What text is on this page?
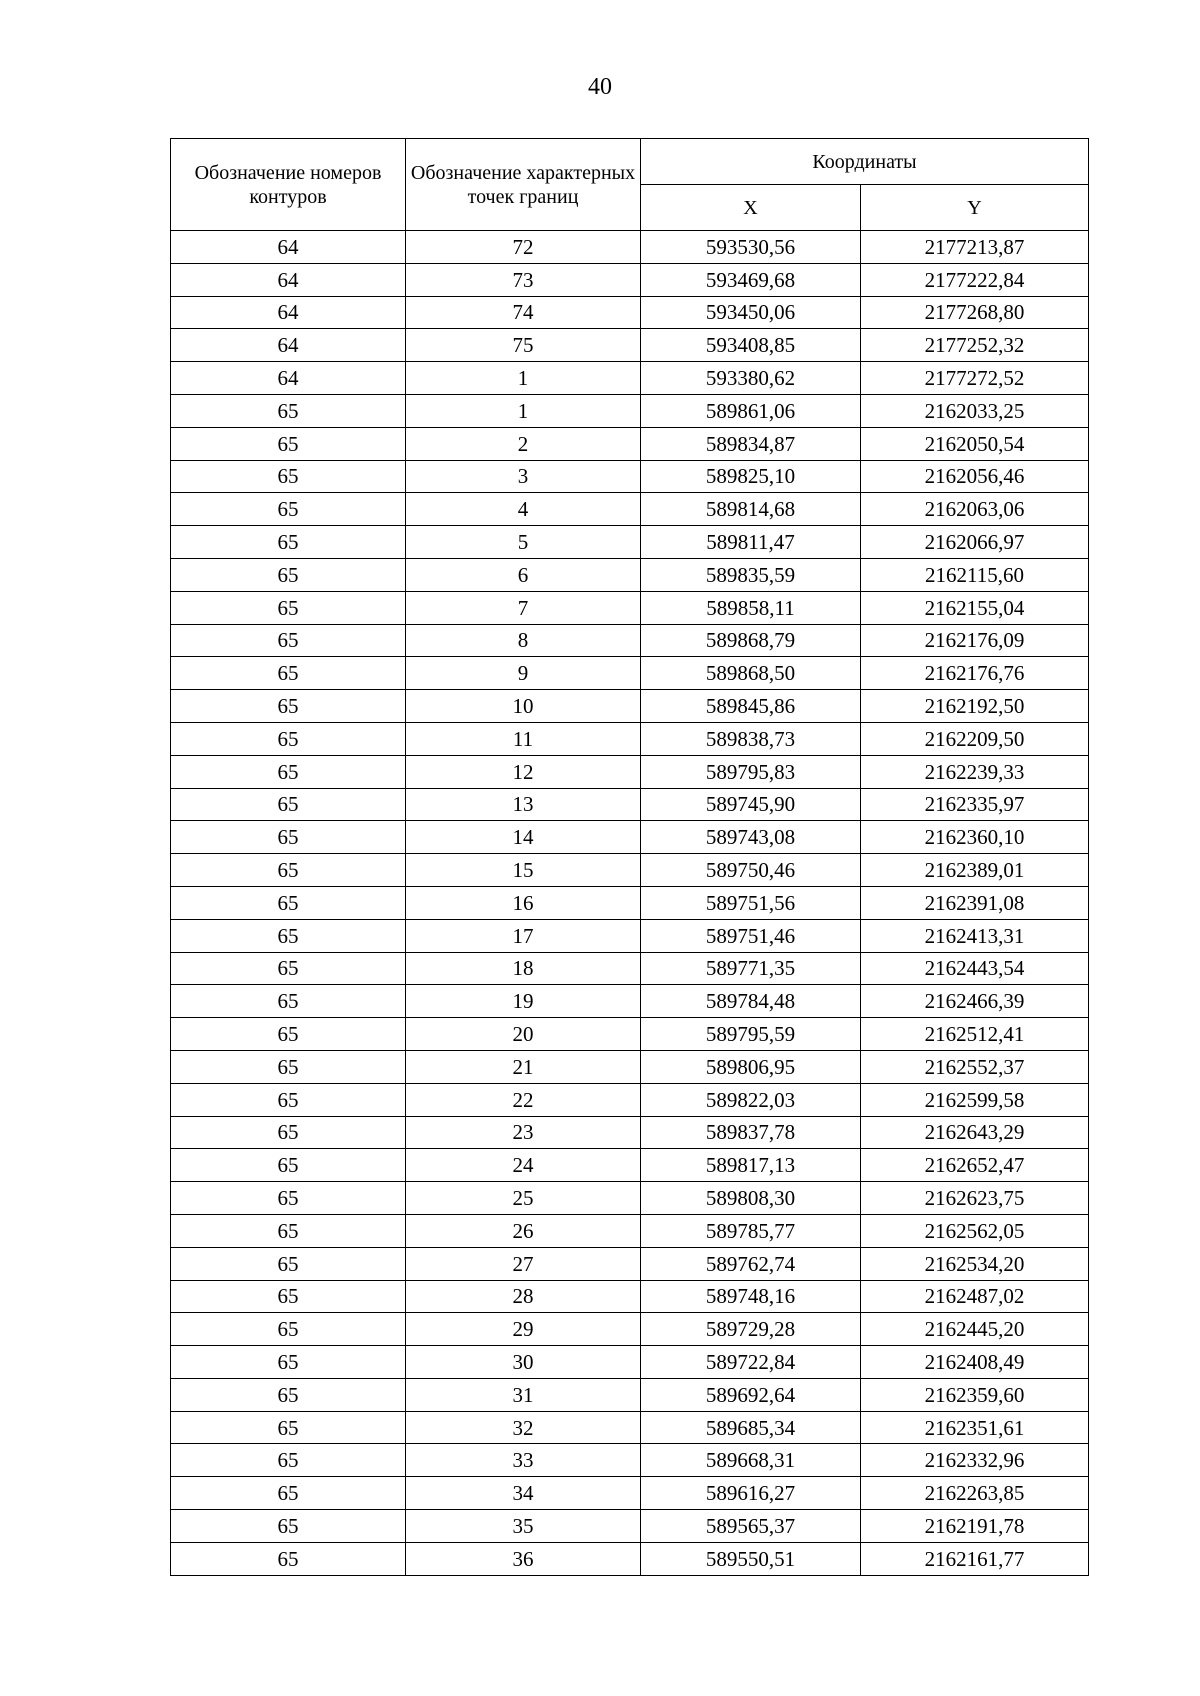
40
Обозначение номеров контуров	Обозначение характерных точек границ	Координаты	
		X	Y
64	72	593530,56	2177213,87
64	73	593469,68	2177222,84
64	74	593450,06	2177268,80
64	75	593408,85	2177252,32
64	1	593380,62	2177272,52
65	1	589861,06	2162033,25
65	2	589834,87	2162050,54
65	3	589825,10	2162056,46
65	4	589814,68	2162063,06
65	5	589811,47	2162066,97
65	6	589835,59	2162115,60
65	7	589858,11	2162155,04
65	8	589868,79	2162176,09
65	9	589868,50	2162176,76
65	10	589845,86	2162192,50
65	11	589838,73	2162209,50
65	12	589795,83	2162239,33
65	13	589745,90	2162335,97
65	14	589743,08	2162360,10
65	15	589750,46	2162389,01
65	16	589751,56	2162391,08
65	17	589751,46	2162413,31
65	18	589771,35	2162443,54
65	19	589784,48	2162466,39
65	20	589795,59	2162512,41
65	21	589806,95	2162552,37
65	22	589822,03	2162599,58
65	23	589837,78	2162643,29
65	24	589817,13	2162652,47
65	25	589808,30	2162623,75
65	26	589785,77	2162562,05
65	27	589762,74	2162534,20
65	28	589748,16	2162487,02
65	29	589729,28	2162445,20
65	30	589722,84	2162408,49
65	31	589692,64	2162359,60
65	32	589685,34	2162351,61
65	33	589668,31	2162332,96
65	34	589616,27	2162263,85
65	35	589565,37	2162191,78
65	36	589550,51	2162161,77
